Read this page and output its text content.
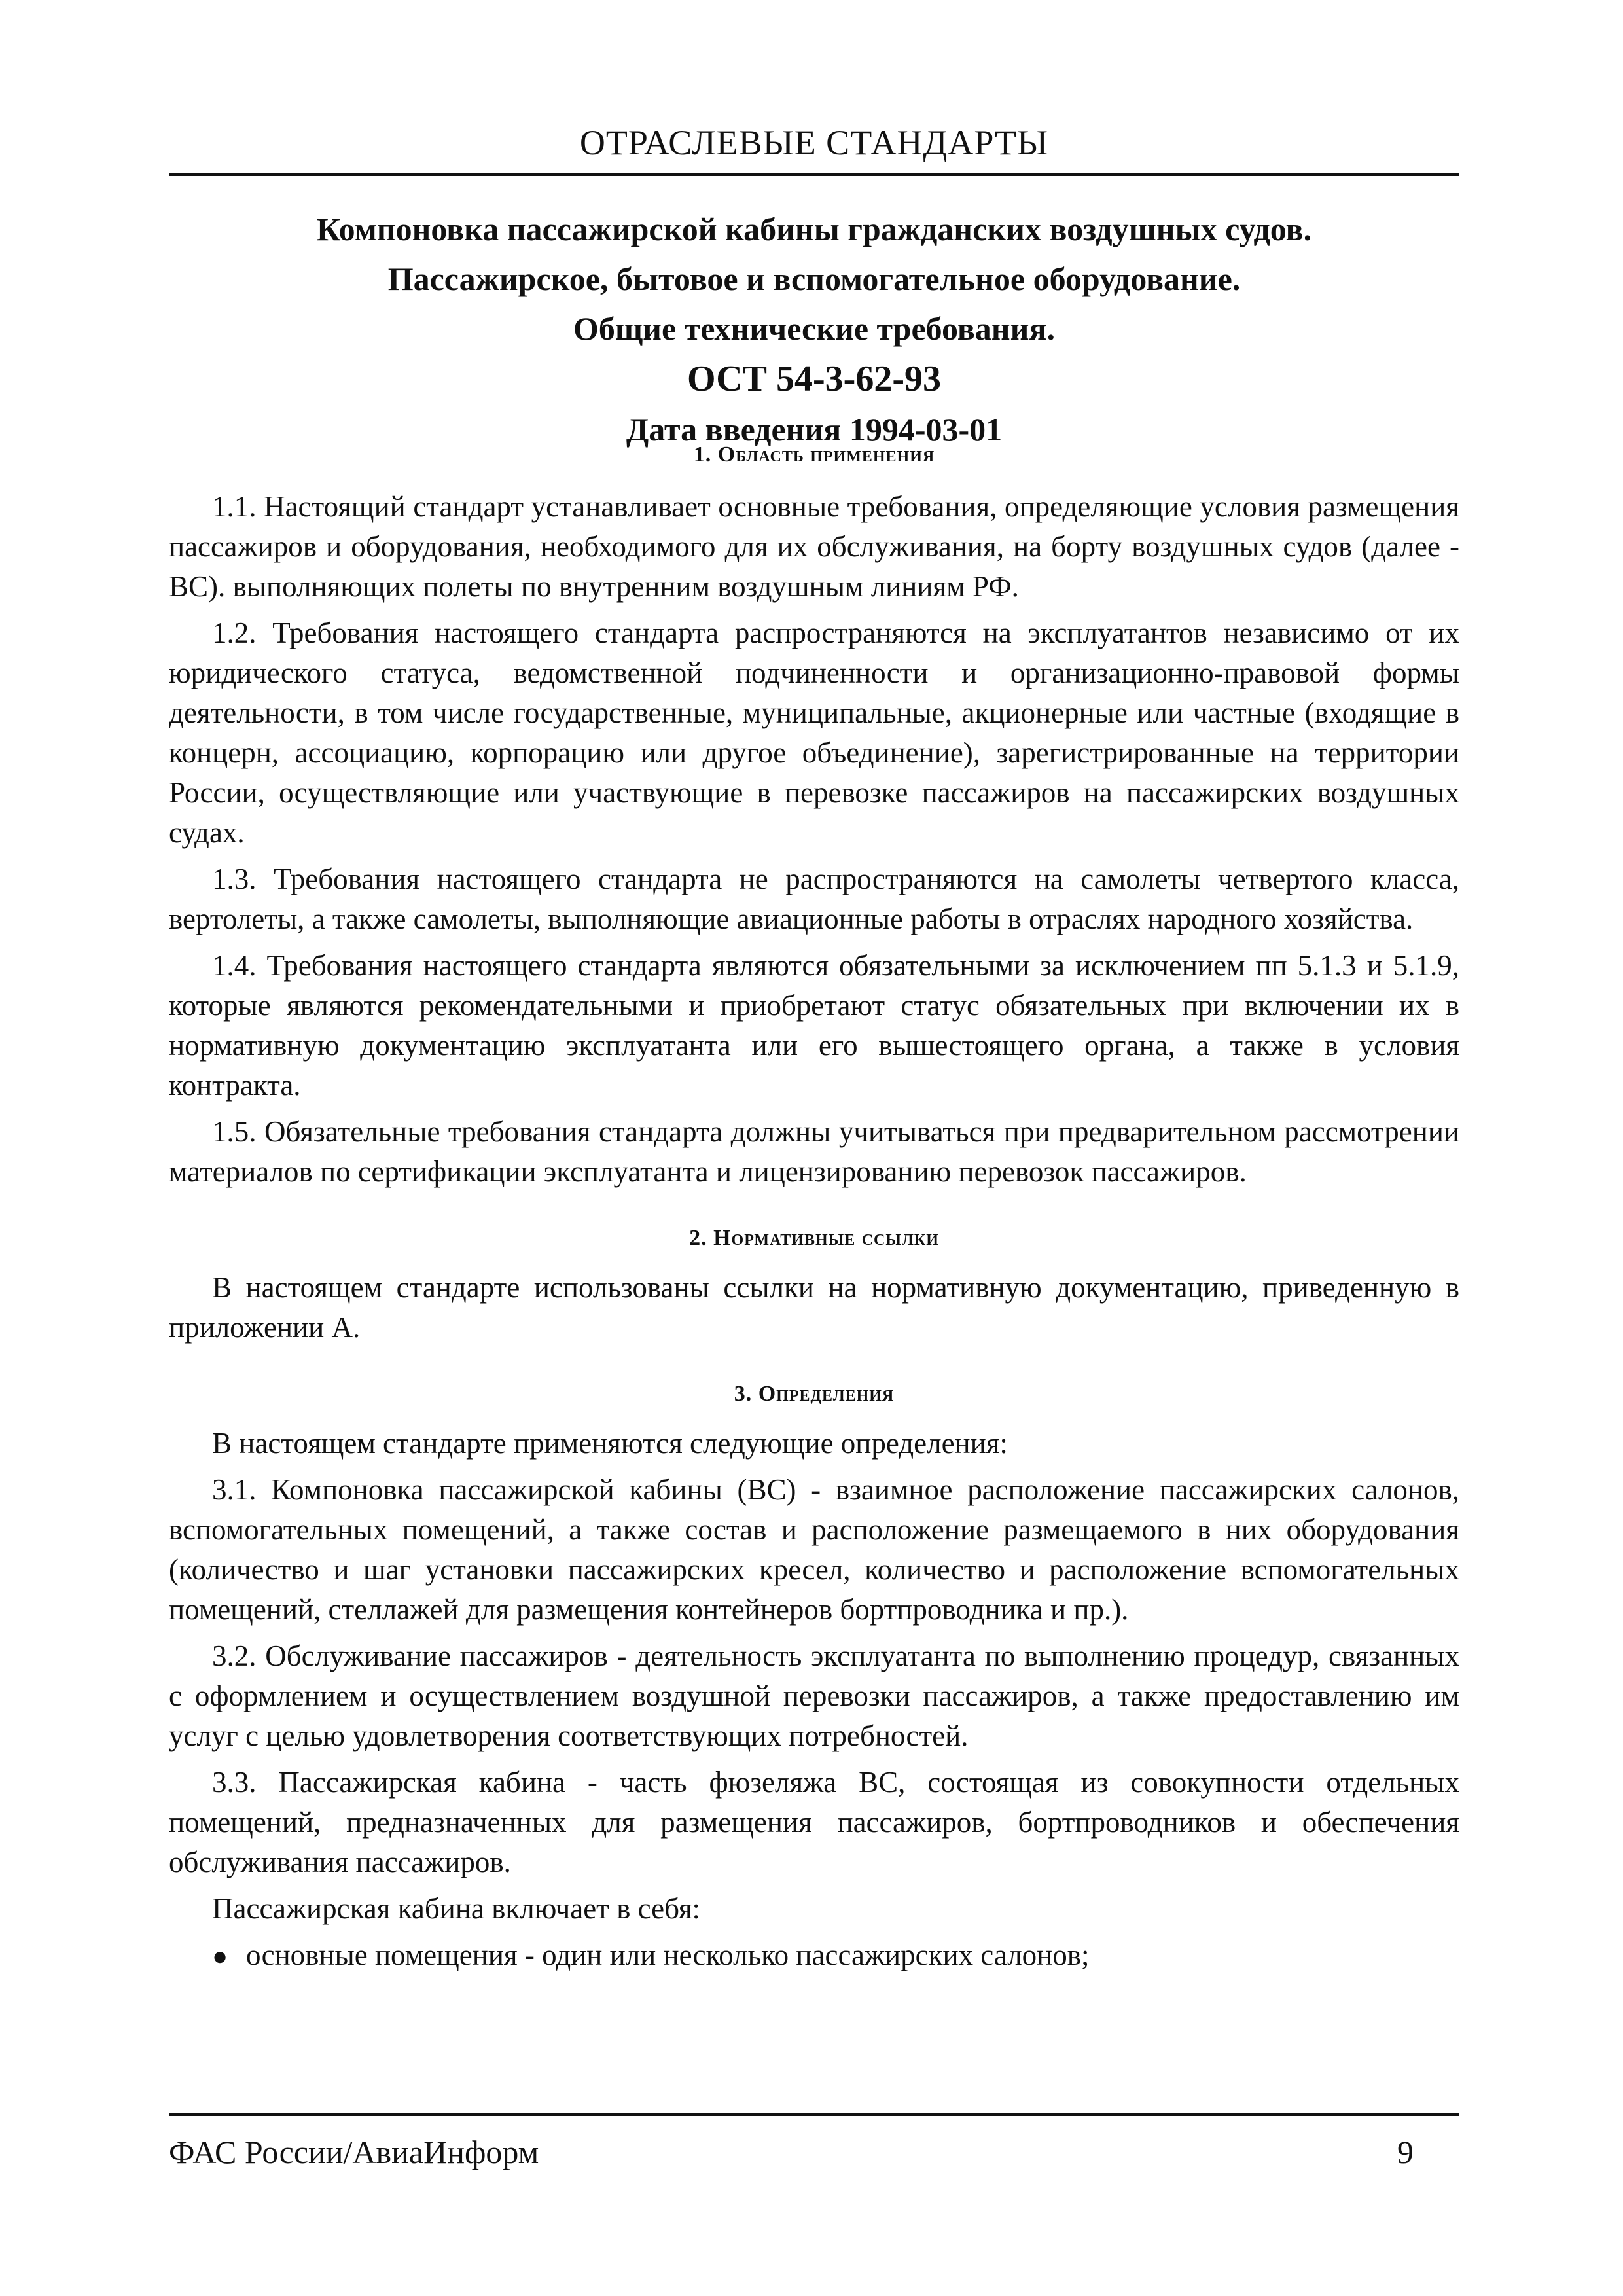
ОТРАСЛЕВЫЕ СТАНДАРТЫ
Компоновка пассажирской кабины гражданских воздушных судов.
Пассажирское, бытовое и вспомогательное оборудование.
Общие технические требования.
ОСТ 54-3-62-93
Дата введения 1994-03-01
1. Область применения

1.1. Настоящий стандарт устанавливает основные требования, определяющие условия размещения пассажиров и оборудования, необходимого для их обслуживания, на борту воздушных судов (далее - ВС). выполняющих полеты по внутренним воздушным линиям РФ.

1.2. Требования настоящего стандарта распространяются на эксплуатантов независимо от их юридического статуса, ведомственной подчиненности и организационно-правовой формы деятельности, в том числе государственные, муниципальные, акционерные или частные (входящие в концерн, ассоциацию, корпорацию или другое объединение), зарегистрированные на территории России, осуществляющие или участвующие в перевозке пассажиров на пассажирских воздушных судах.

1.3. Требования настоящего стандарта не распространяются на самолеты четвертого класса, вертолеты, а также самолеты, выполняющие авиационные работы в отраслях народного хозяйства.

1.4. Требования настоящего стандарта являются обязательными за исключением пп 5.1.3 и 5.1.9, которые являются рекомендательными и приобретают статус обязательных при включении их в нормативную документацию эксплуатанта или его вышестоящего органа, а также в условия контракта.

1.5. Обязательные требования стандарта должны учитываться при предварительном рассмотрении материалов по сертификации эксплуатанта и лицензированию перевозок пассажиров.

2. Нормативные ссылки

В настоящем стандарте использованы ссылки на нормативную документацию, приведенную в приложении А.

3. Определения

В настоящем стандарте применяются следующие определения:

3.1. Компоновка пассажирской кабины (ВС) - взаимное расположение пассажирских салонов, вспомогательных помещений, а также состав и расположение размещаемого в них оборудования (количество и шаг установки пассажирских кресел, количество и расположение вспомогательных помещений, стеллажей для размещения контейнеров бортпроводника и пр.).

3.2. Обслуживание пассажиров - деятельность эксплуатанта по выполнению процедур, связанных с оформлением и осуществлением воздушной перевозки пассажиров, а также предоставлению им услуг с целью удовлетворения соответствующих потребностей.

3.3. Пассажирская кабина - часть фюзеляжа ВС, состоящая из совокупности отдельных помещений, предназначенных для размещения пассажиров, бортпроводников и обеспечения обслуживания пассажиров.

Пассажирская кабина включает в себя:

● основные помещения - один или несколько пассажирских салонов;
ФАС России/АвиаИнформ	9
